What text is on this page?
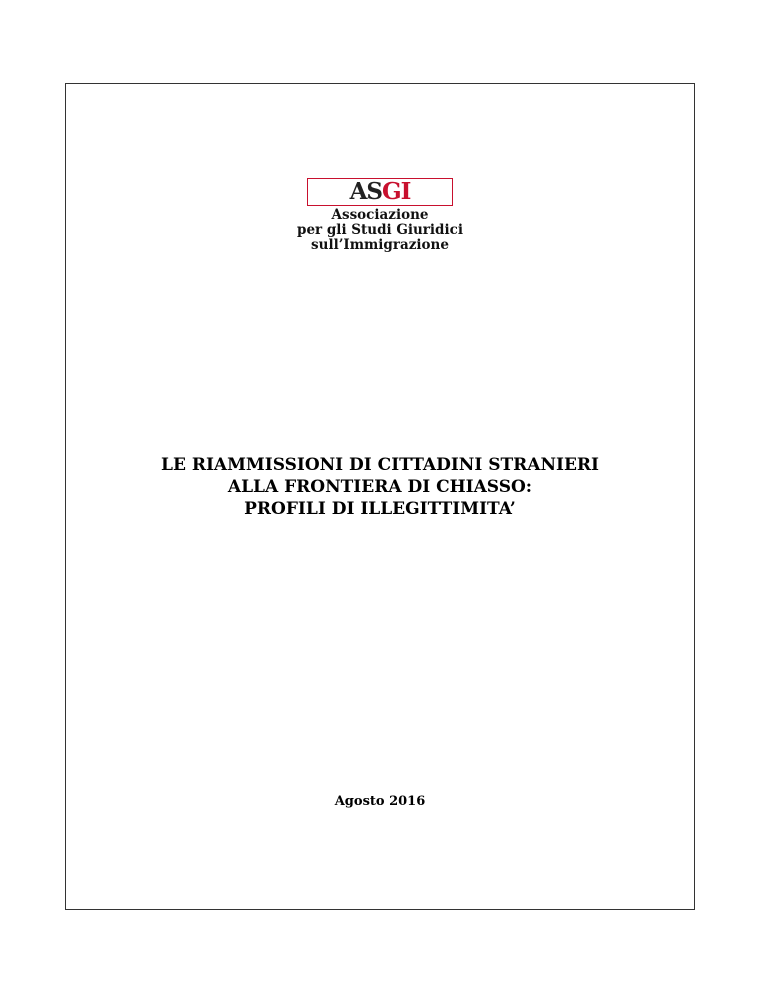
ASGI
Associazione
per gli Studi Giuridici
sull’Immigrazione
LE RIAMMISSIONI DI CITTADINI STRANIERI
ALLA FRONTIERA DI CHIASSO:
PROFILI DI ILLEGITTIMITA’
Agosto 2016
